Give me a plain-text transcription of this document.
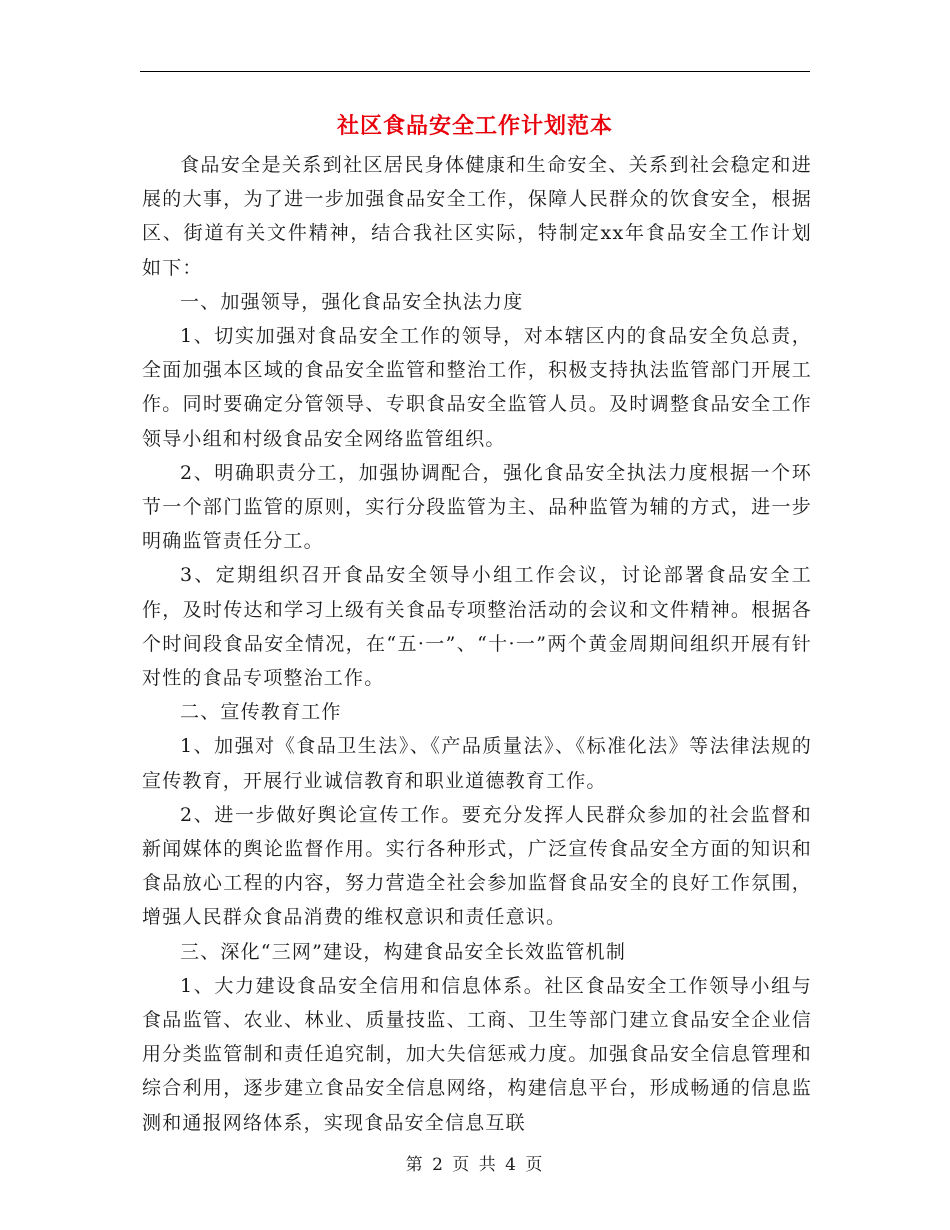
社区食品安全工作计划范本

食品安全是关系到社区居民身体健康和生命安全、关系到社会稳定和进展的大事，为了进一步加强食品安全工作，保障人民群众的饮食安全，根据区、街道有关文件精神，结合我社区实际，特制定xx年食品安全工作计划如下：

一、加强领导，强化食品安全执法力度

1、切实加强对食品安全工作的领导，对本辖区内的食品安全负总责，全面加强本区域的食品安全监管和整治工作，积极支持执法监管部门开展工作。同时要确定分管领导、专职食品安全监管人员。及时调整食品安全工作领导小组和村级食品安全网络监管组织。

2、明确职责分工，加强协调配合，强化食品安全执法力度根据一个环节一个部门监管的原则，实行分段监管为主、品种监管为辅的方式，进一步明确监管责任分工。

3、定期组织召开食品安全领导小组工作会议，讨论部署食品安全工作，及时传达和学习上级有关食品专项整治活动的会议和文件精神。根据各个时间段食品安全情况，在“五·一”、“十·一”两个黄金周期间组织开展有针对性的食品专项整治工作。

二、宣传教育工作

1、加强对《食品卫生法》、《产品质量法》、《标准化法》等法律法规的宣传教育，开展行业诚信教育和职业道德教育工作。

2、进一步做好舆论宣传工作。要充分发挥人民群众参加的社会监督和新闻媒体的舆论监督作用。实行各种形式，广泛宣传食品安全方面的知识和食品放心工程的内容，努力营造全社会参加监督食品安全的良好工作氛围，增强人民群众食品消费的维权意识和责任意识。

三、深化“三网”建设，构建食品安全长效监管机制

1、大力建设食品安全信用和信息体系。社区食品安全工作领导小组与食品监管、农业、林业、质量技监、工商、卫生等部门建立食品安全企业信用分类监管制和责任追究制，加大失信惩戒力度。加强食品安全信息管理和综合利用，逐步建立食品安全信息网络，构建信息平台，形成畅通的信息监测和通报网络体系，实现食品安全信息互联

第 2 页 共 4 页
